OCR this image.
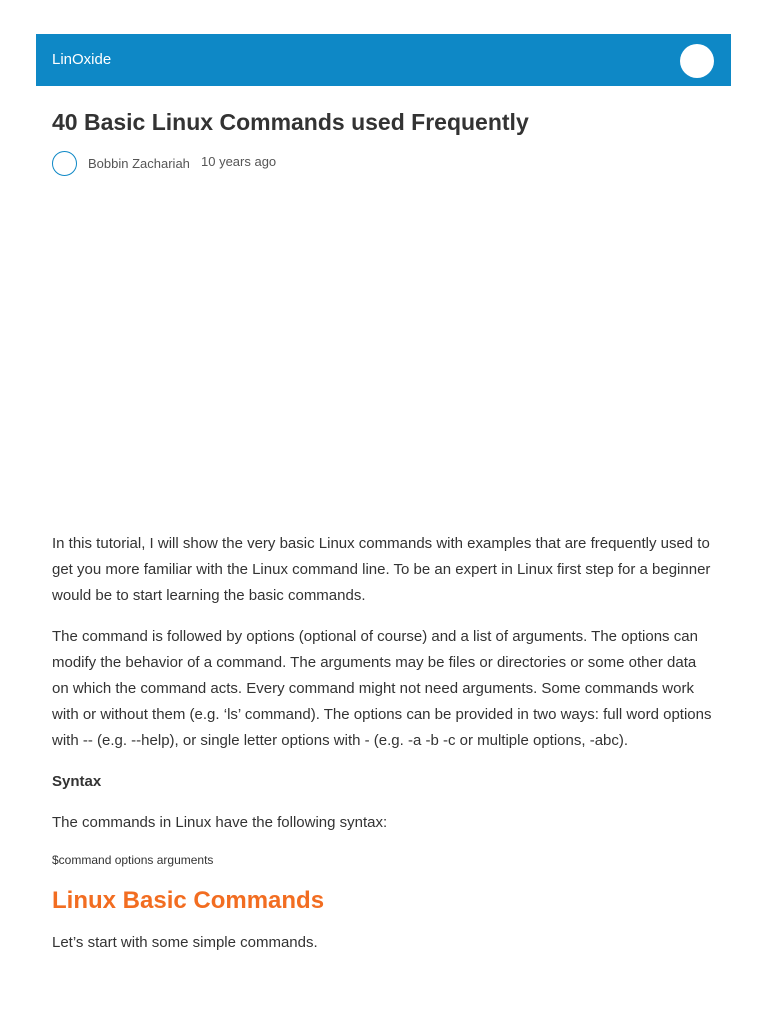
LinOxide
40 Basic Linux Commands used Frequently
Bobbin Zachariah 10 years ago

In this tutorial, I will show the very basic Linux commands with examples that are frequently used to get you more familiar with the Linux command line. To be an expert in Linux first step for a beginner would be to start learning the basic commands.

The command is followed by options (optional of course) and a list of arguments. The options can modify the behavior of a command. The arguments may be files or directories or some other data on which the command acts. Every command might not need arguments. Some commands work with or without them (e.g. ‘ls’ command). The options can be provided in two ways: full word options with -- (e.g. --help), or single letter options with - (e.g. -a -b -c or multiple options, -abc).

Syntax

The commands in Linux have the following syntax:

$command options arguments

Linux Basic Commands

Let’s start with some simple commands.
